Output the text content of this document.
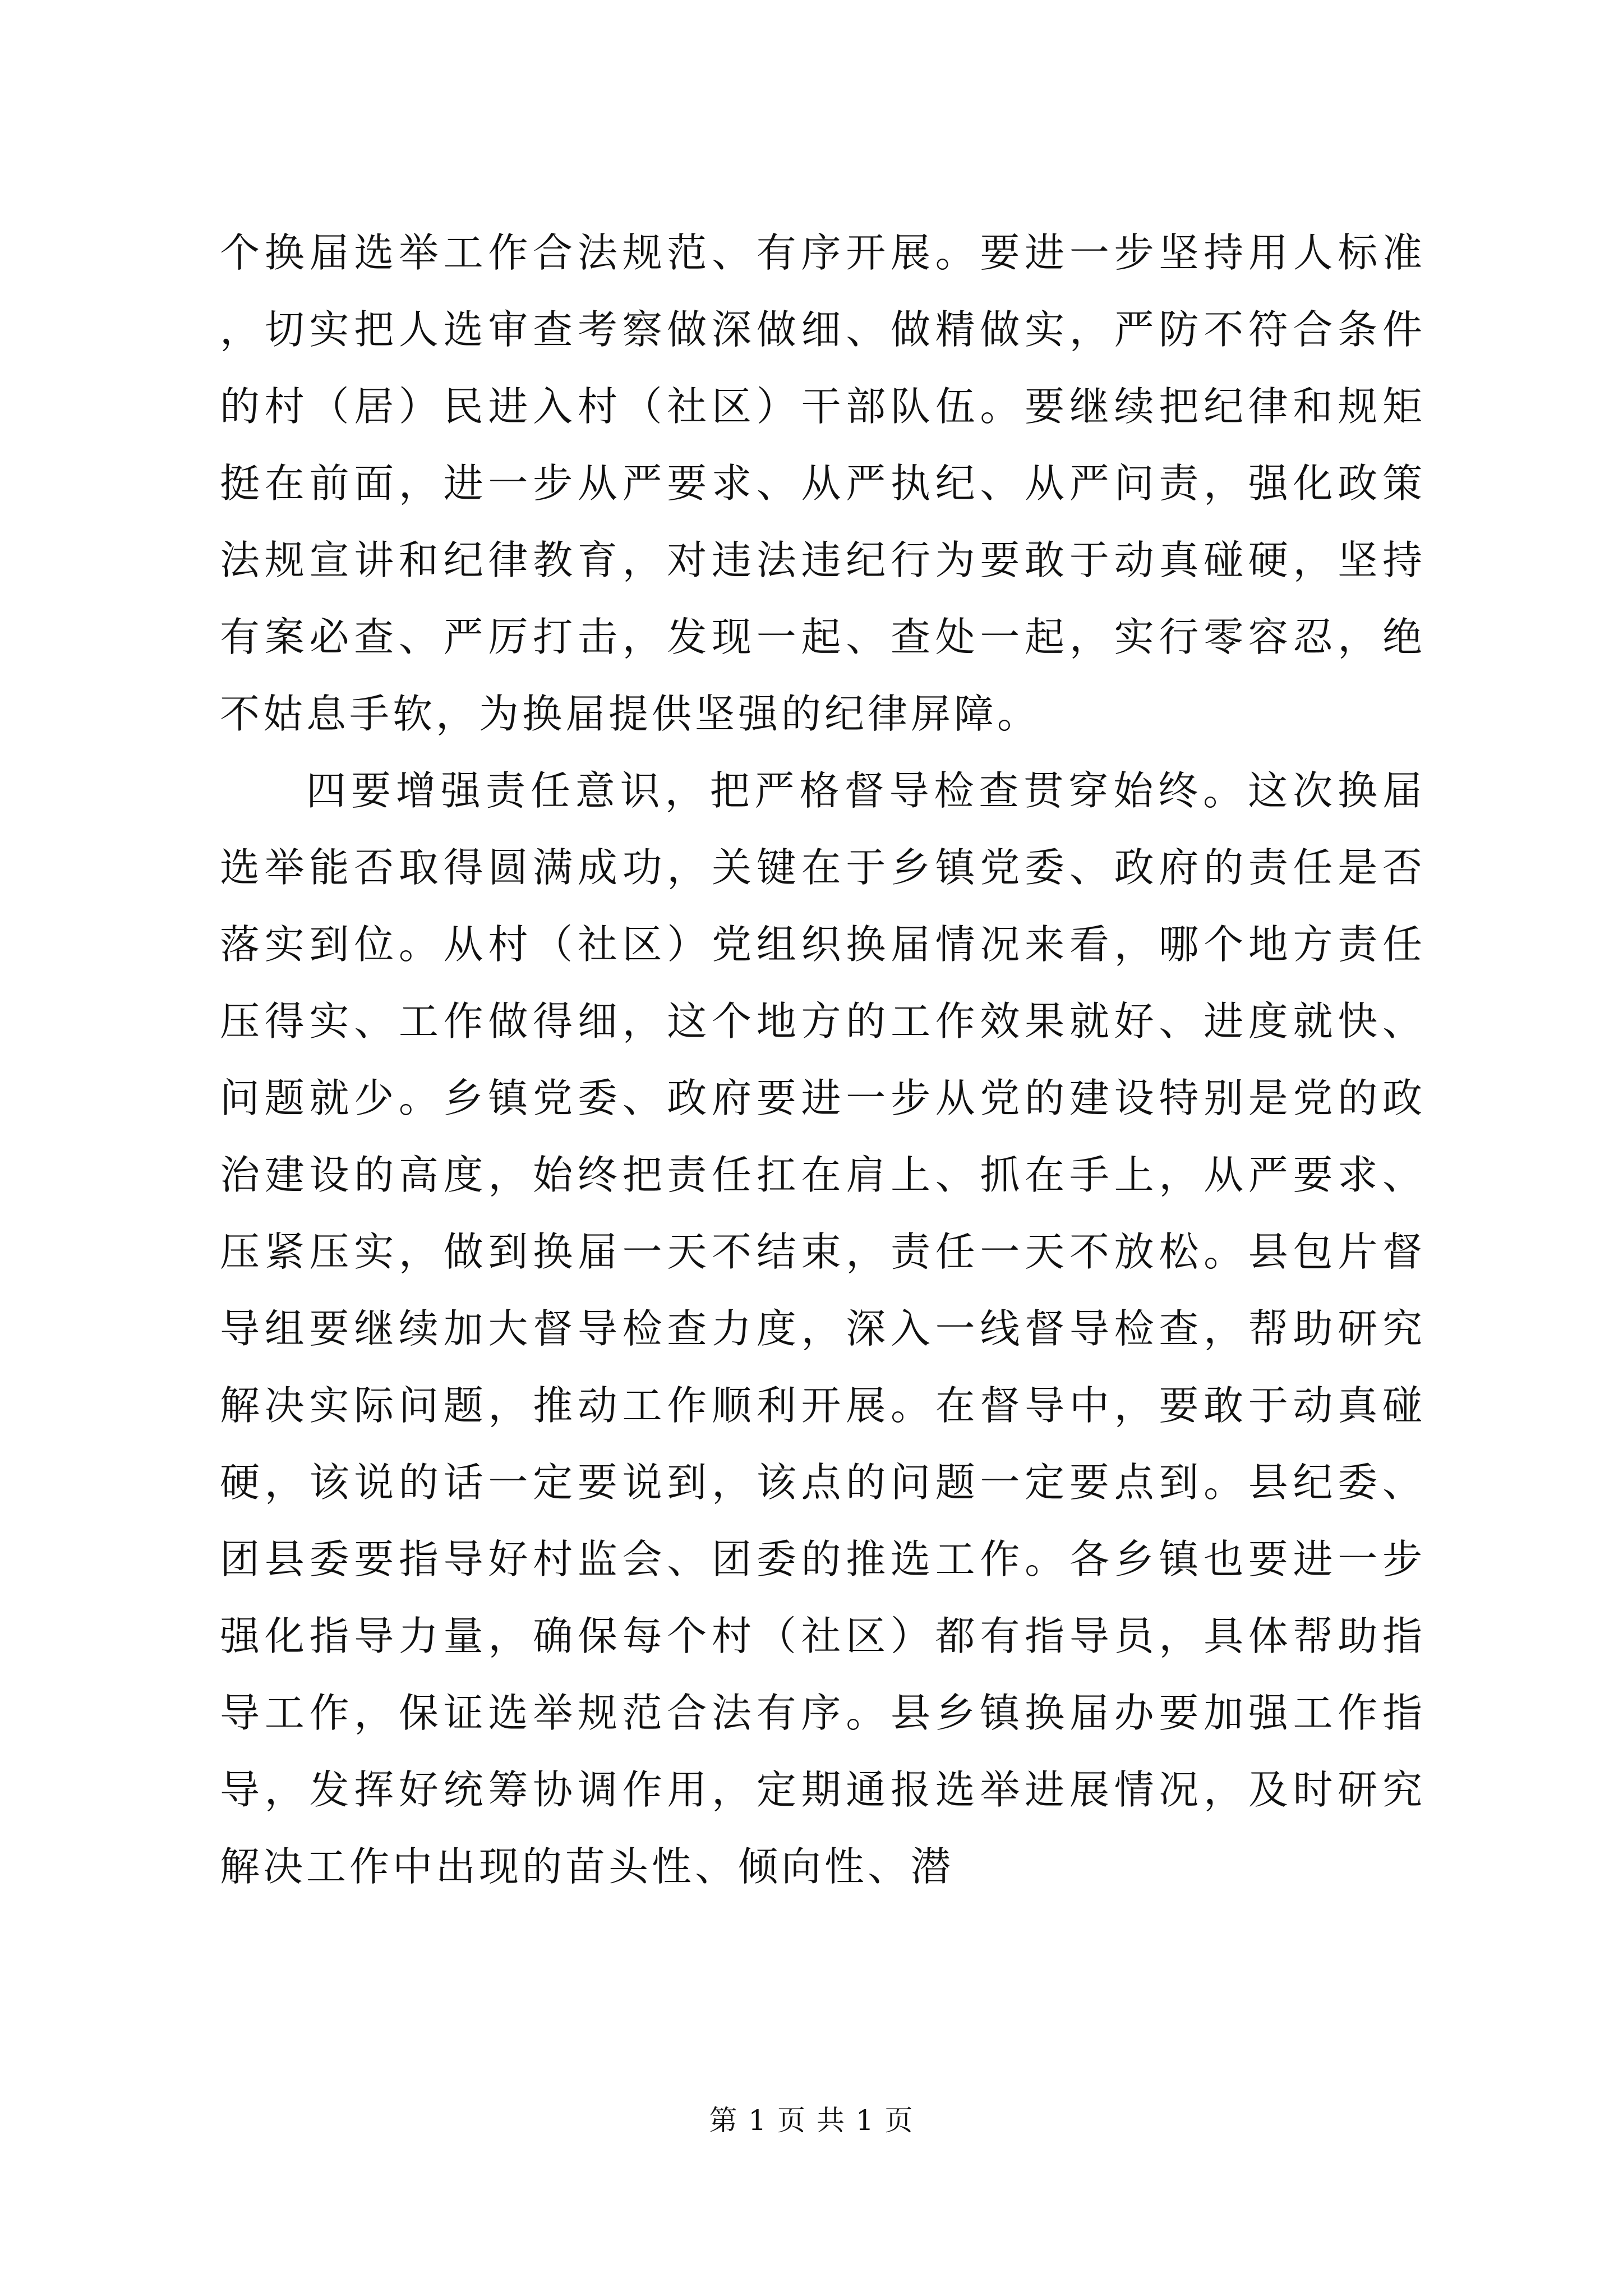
个换届选举工作合法规范、有序开展。要进一步坚持用人标准，切实把人选审查考察做深做细、做精做实，严防不符合条件的村（居）民进入村（社区）干部队伍。要继续把纪律和规矩挺在前面，进一步从严要求、从严执纪、从严问责，强化政策法规宣讲和纪律教育，对违法违纪行为要敢于动真碰硬，坚持有案必查、严厉打击，发现一起、查处一起，实行零容忍，绝不姑息手软，为换届提供坚强的纪律屏障。

四要增强责任意识，把严格督导检查贯穿始终。这次换届选举能否取得圆满成功，关键在于乡镇党委、政府的责任是否落实到位。从村（社区）党组织换届情况来看，哪个地方责任压得实、工作做得细，这个地方的工作效果就好、进度就快、问题就少。乡镇党委、政府要进一步从党的建设特别是党的政治建设的高度，始终把责任扛在肩上、抓在手上，从严要求、压紧压实，做到换届一天不结束，责任一天不放松。县包片督导组要继续加大督导检查力度，深入一线督导检查，帮助研究解决实际问题，推动工作顺利开展。在督导中，要敢于动真碰硬，该说的话一定要说到，该点的问题一定要点到。县纪委、团县委要指导好村监会、团委的推选工作。各乡镇也要进一步强化指导力量，确保每个村（社区）都有指导员，具体帮助指导工作，保证选举规范合法有序。县乡镇换届办要加强工作指导，发挥好统筹协调作用，定期通报选举进展情况，及时研究解决工作中出现的苗头性、倾向性、潜

第 1 页 共 1 页
